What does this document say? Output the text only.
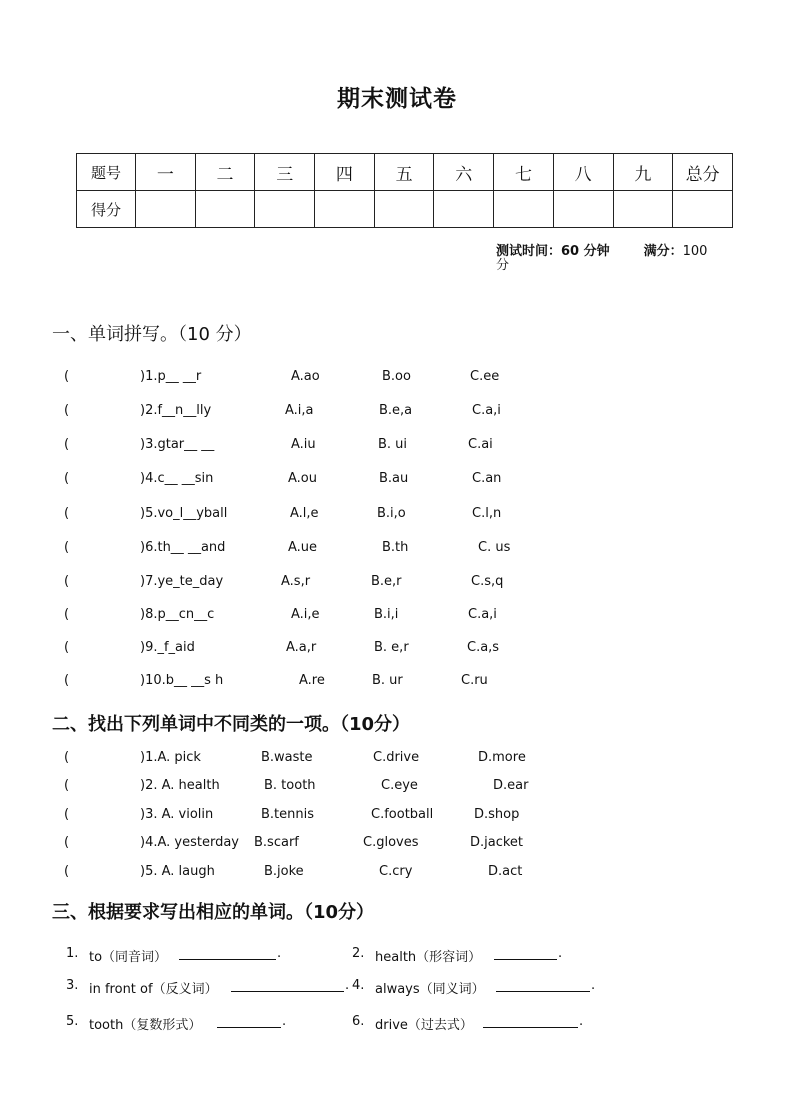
期末测试卷
题号	一	二	三	四	五	六	七	八	九	总分
得分										
测试时间：60 分钟	满分：100
分
一、单词拼写。（10 分）
(	)1.p__ __r	A.ao	B.oo	C.ee
(	)2.f__n__lly	A.i,a	B.e,a	C.a,i
(	)3.gtar__ __	A.iu	B. ui	C.ai
(	)4.c__ __sin	A.ou	B.au	C.an
(	)5.vo_l__yball	A.l,e	B.i,o	C.l,n
(	)6.th__ __and	A.ue	B.th	C. us
(	)7.ye_te_day	A.s,r	B.e,r	C.s,q
(	)8.p__cn__c	A.i,e	B.i,i	C.a,i
(	)9._f_aid	A.a,r	B. e,r	C.a,s
(	)10.b__ __s h	A.re	B. ur	C.ru
二、找出下列单词中不同类的一项。（10分）
(	)1.A. pick	B.waste	C.drive	D.more
(	)2. A. health	B. tooth	C.eye	D.ear
(	)3. A. violin	B.tennis	C.football	D.shop
(	)4.A. yesterday B.scarf	C.gloves	D.jacket
(	)5. A. laugh	B.joke	C.cry	D.act
三、根据要求写出相应的单词。（10分）
1. to（同音词）	.	2. health（形容词）	.
3. in front of（反义词）	. 4. always（同义词）	.
5. tooth（复数形式）	.	6. drive（过去式）	.
